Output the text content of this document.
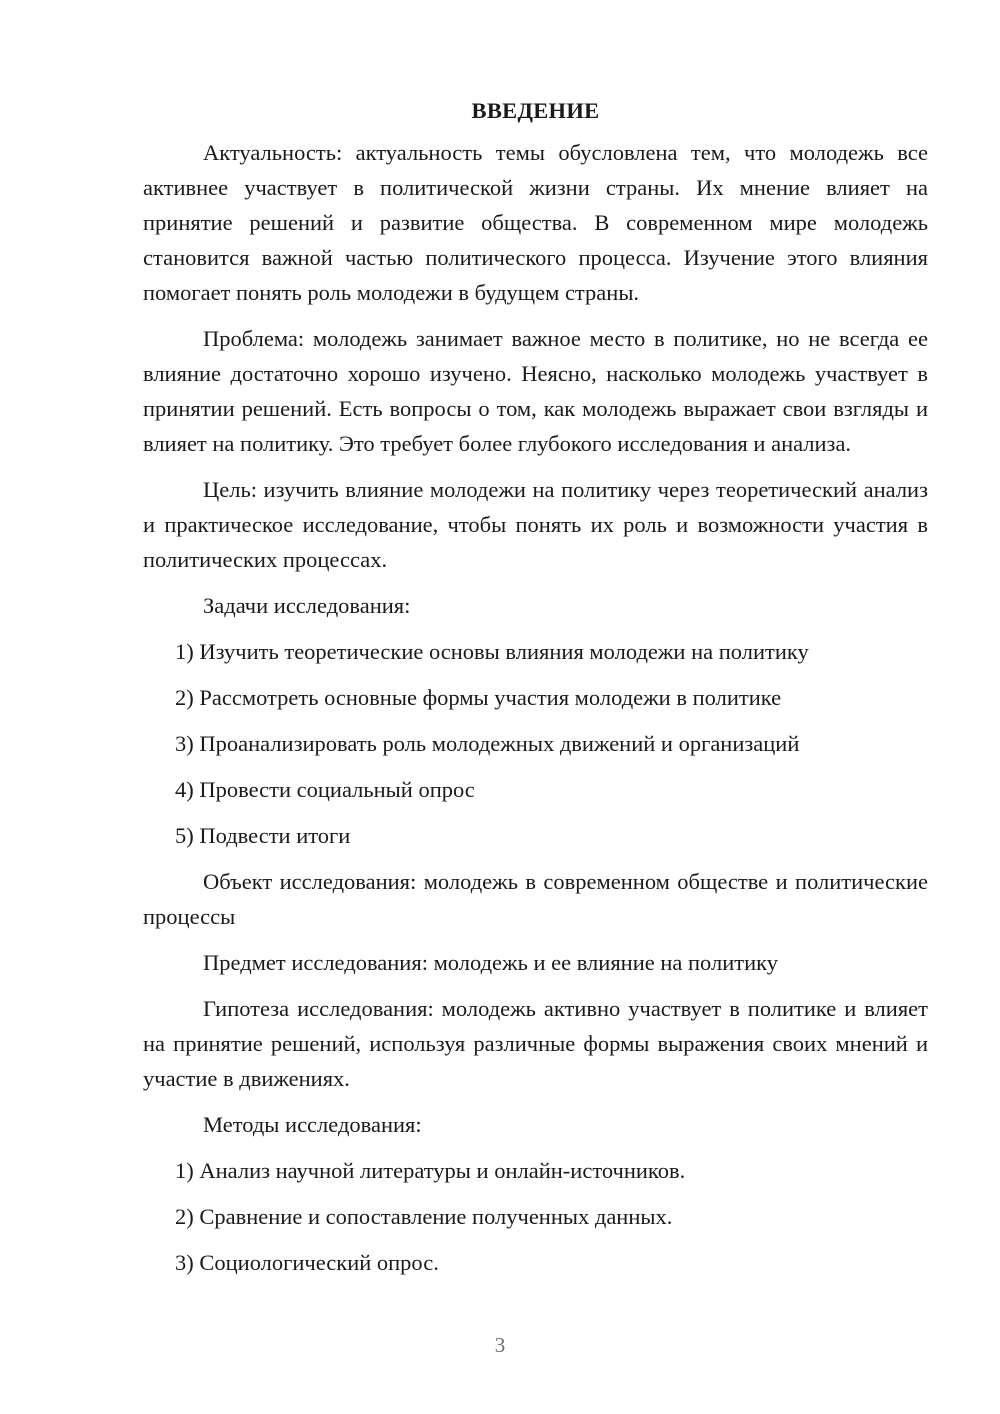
ВВЕДЕНИЕ

Актуальность: актуальность темы обусловлена тем, что молодежь все активнее участвует в политической жизни страны. Их мнение влияет на принятие решений и развитие общества. В современном мире молодежь становится важной частью политического процесса. Изучение этого влияния помогает понять роль молодежи в будущем страны.

Проблема: молодежь занимает важное место в политике, но не всегда ее влияние достаточно хорошо изучено. Неясно, насколько молодежь участвует в принятии решений. Есть вопросы о том, как молодежь выражает свои взгляды и влияет на политику. Это требует более глубокого исследования и анализа.

Цель: изучить влияние молодежи на политику через теоретический анализ и практическое исследование, чтобы понять их роль и возможности участия в политических процессах.

Задачи исследования:

1) Изучить теоретические основы влияния молодежи на политику

2) Рассмотреть основные формы участия молодежи в политике

3) Проанализировать роль молодежных движений и организаций

4) Провести социальный опрос

5) Подвести итоги

Объект исследования: молодежь в современном обществе и политические процессы

Предмет исследования: молодежь и ее влияние на политику

Гипотеза исследования: молодежь активно участвует в политике и влияет на принятие решений, используя различные формы выражения своих мнений и участие в движениях.

Методы исследования:

1) Анализ научной литературы и онлайн-источников.

2) Сравнение и сопоставление полученных данных.

3) Социологический опрос.

3
